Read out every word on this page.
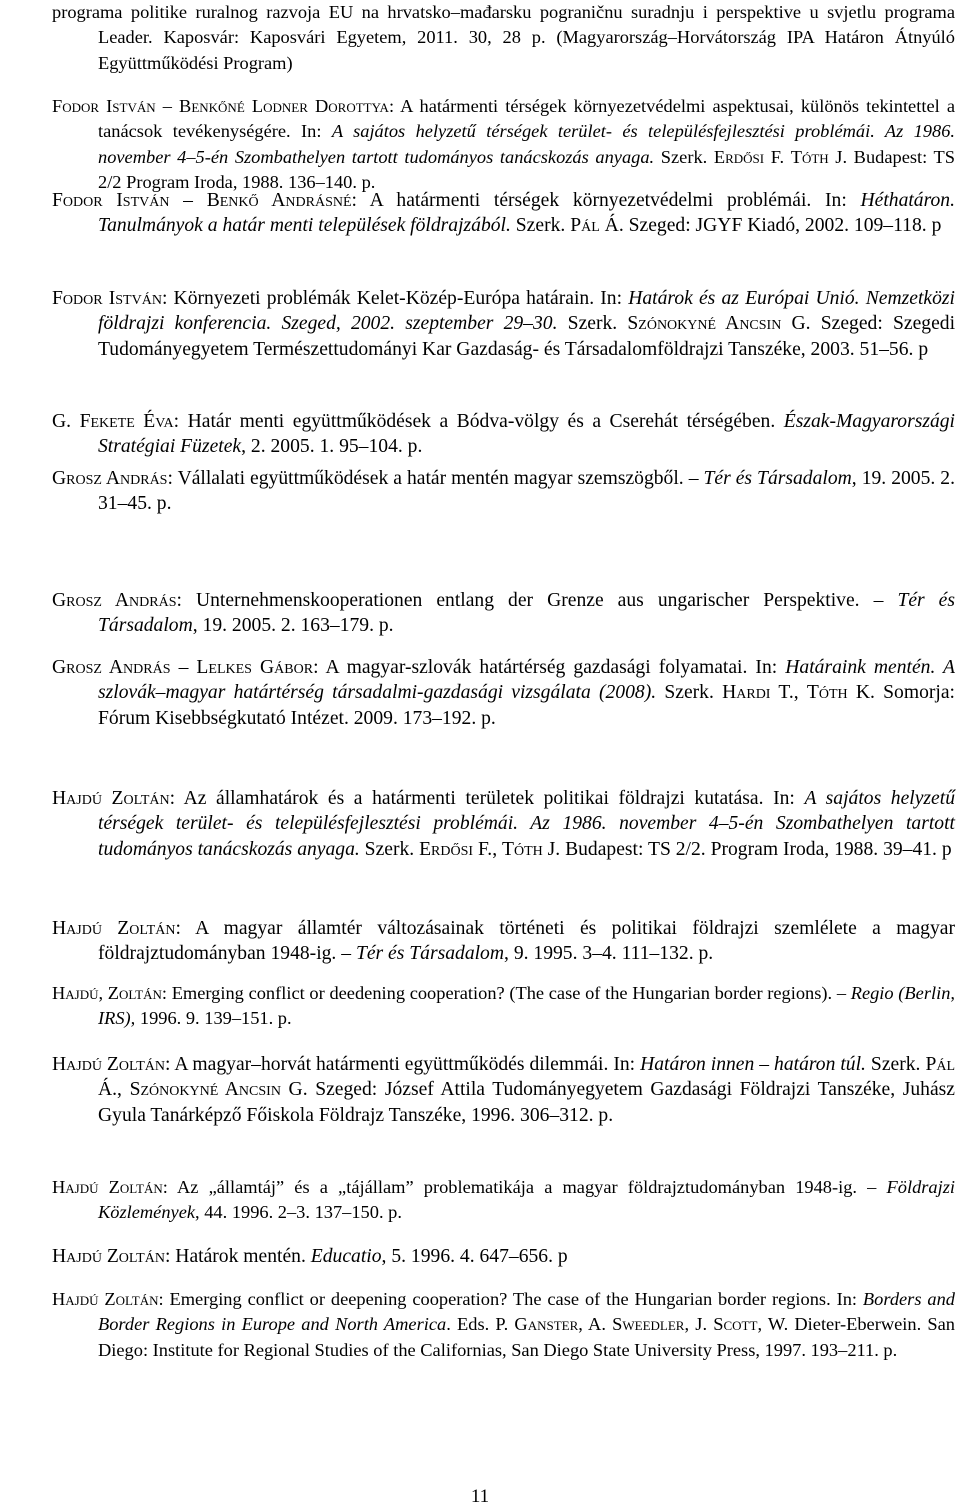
programa politike ruralnog razvoja EU na hrvatsko–mađarsku pograničnu suradnju i perspektive u svjetlu programa Leader. Kaposvár: Kaposvári Egyetem, 2011. 30, 28 p. (Magyarország–Horvátország IPA Határon Átnyúló Együttműködési Program)

Fodor István – Benkőné Lodner Dorottya: A határmenti térségek környezetvédelmi aspektusai, különös tekintettel a tanácsok tevékenységére. In: A sajátos helyzetű térségek terület- és településfejlesztési problémái. Az 1986. november 4–5-én Szombathelyen tartott tudományos tanácskozás anyaga. Szerk. Erdősi F. Tóth J. Budapest: TS 2/2 Program Iroda, 1988. 136–140. p.

Fodor István – Benkő Andrásné: A határmenti térségek környezetvédelmi problémái. In: Héthatáron. Tanulmányok a határ menti települések földrajzából. Szerk. Pál Á. Szeged: JGYF Kiadó, 2002. 109–118. p

Fodor István: Környezeti problémák Kelet-Közép-Európa határain. In: Határok és az Európai Unió. Nemzetközi földrajzi konferencia. Szeged, 2002. szeptember 29–30. Szerk. Szónokyné Ancsin G. Szeged: Szegedi Tudományegyetem Természettudományi Kar Gazdaság- és Társadalomföldrajzi Tanszéke, 2003. 51–56. p

G. Fekete Éva: Határ menti együttműködések a Bódva-völgy és a Cserehát térségében. Észak-Magyarországi Stratégiai Füzetek, 2. 2005. 1. 95–104. p.

Grosz András: Vállalati együttműködések a határ mentén magyar szemszögből. – Tér és Társadalom, 19. 2005. 2. 31–45. p.

Grosz András: Unternehmenskooperationen entlang der Grenze aus ungarischer Perspektive. – Tér és Társadalom, 19. 2005. 2. 163–179. p.

Grosz András – Lelkes Gábor: A magyar-szlovák határtérség gazdasági folyamatai. In: Határaink mentén. A szlovák–magyar határtérség társadalmi-gazdasági vizsgálata (2008). Szerk. Hardi T., Tóth K. Somorja: Fórum Kisebbségkutató Intézet. 2009. 173–192. p.

Hajdú Zoltán: Az államhatárok és a határmenti területek politikai földrajzi kutatása. In: A sajátos helyzetű térségek terület- és településfejlesztési problémái. Az 1986. november 4–5-én Szombathelyen tartott tudományos tanácskozás anyaga. Szerk. Erdősi F., Tóth J. Budapest: TS 2/2. Program Iroda, 1988. 39–41. p

Hajdú Zoltán: A magyar államtér változásainak történeti és politikai földrajzi szemlélete a magyar földrajztudományban 1948-ig. – Tér és Társadalom, 9. 1995. 3–4. 111–132. p.

Hajdú, Zoltán: Emerging conflict or deedening cooperation? (The case of the Hungarian border regions). – Regio (Berlin, IRS), 1996. 9. 139–151. p.

Hajdú Zoltán: A magyar–horvát határmenti együttműködés dilemmái. In: Határon innen – határon túl. Szerk. Pál Á., Szónokyné Ancsin G. Szeged: József Attila Tudományegyetem Gazdasági Földrajzi Tanszéke, Juhász Gyula Tanárképző Főiskola Földrajz Tanszéke, 1996. 306–312. p.

Hajdú Zoltán: Az „államtáj” és a „tájállam” problematikája a magyar földrajztudományban 1948-ig. – Földrajzi Közlemények, 44. 1996. 2–3. 137–150. p.

Hajdú Zoltán: Határok mentén. Educatio, 5. 1996. 4. 647–656. p

Hajdú Zoltán: Emerging conflict or deepening cooperation? The case of the Hungarian border regions. In: Borders and Border Regions in Europe and North America. Eds. P. Ganster, A. Sweedler, J. Scott, W. Dieter-Eberwein. San Diego: Institute for Regional Studies of the Californias, San Diego State University Press, 1997. 193–211. p.

11
